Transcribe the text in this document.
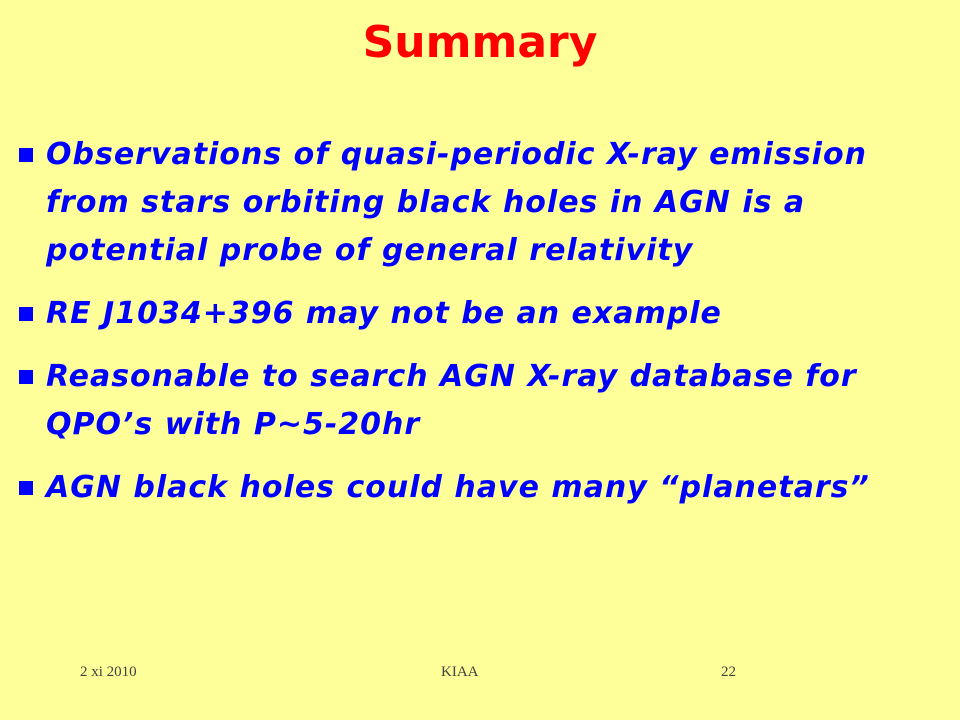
Summary
Observations of quasi-periodic X-ray emission from stars orbiting black holes in AGN is a potential probe of general relativity
RE J1034+396 may not be an example
Reasonable to search AGN X-ray database for QPO’s with P~5-20hr
AGN black holes could have many “planetars”
2 xi 2010	KIAA	22
